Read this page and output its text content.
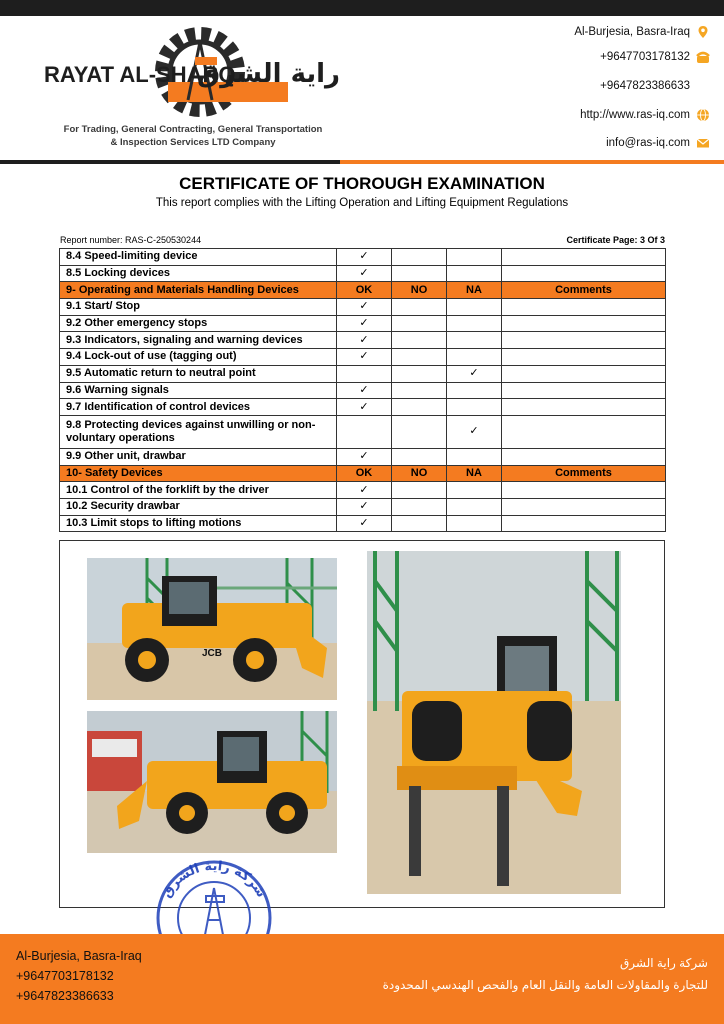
RAYAT AL-SHARQ
راية الشرق
For Trading, General Contracting, General Transportation
& Inspection Services LTD Company
Al-Burjesia, Basra-Iraq
+9647703178132
+9647823386633
http://www.ras-iq.com
info@ras-iq.com
CERTIFICATE OF THOROUGH EXAMINATION
This report complies with the Lifting Operation and Lifting Equipment Regulations
Report number: RAS-C-250530244	Certificate Page: 3 Of 3
8.4 Speed-limiting device	✓			
8.5 Locking devices	✓			
9- Operating and Materials Handling Devices	OK	NO	NA	Comments
9.1 Start/ Stop	✓			
9.2 Other emergency stops	✓			
9.3 Indicators, signaling and warning devices	✓			
9.4 Lock-out of use (tagging out)	✓			
9.5 Automatic return to neutral point			✓	
9.6 Warning signals	✓			
9.7 Identification of control devices	✓			
9.8 Protecting devices against unwilling or non-voluntary operations			✓	
9.9 Other unit, drawbar	✓			
10- Safety Devices	OK	NO	NA	Comments
10.1 Control of the forklift by the driver	✓			
10.2 Security drawbar	✓			
10.3 Limit stops to lifting motions	✓			
JCB
شركة راية الشرق
Al-Burjesia, Basra-Iraq
+9647703178132
+9647823386633
شركة راية الشرق
للتجارة والمقاولات العامة والنقل العام والفحص الهندسي المحدودة
